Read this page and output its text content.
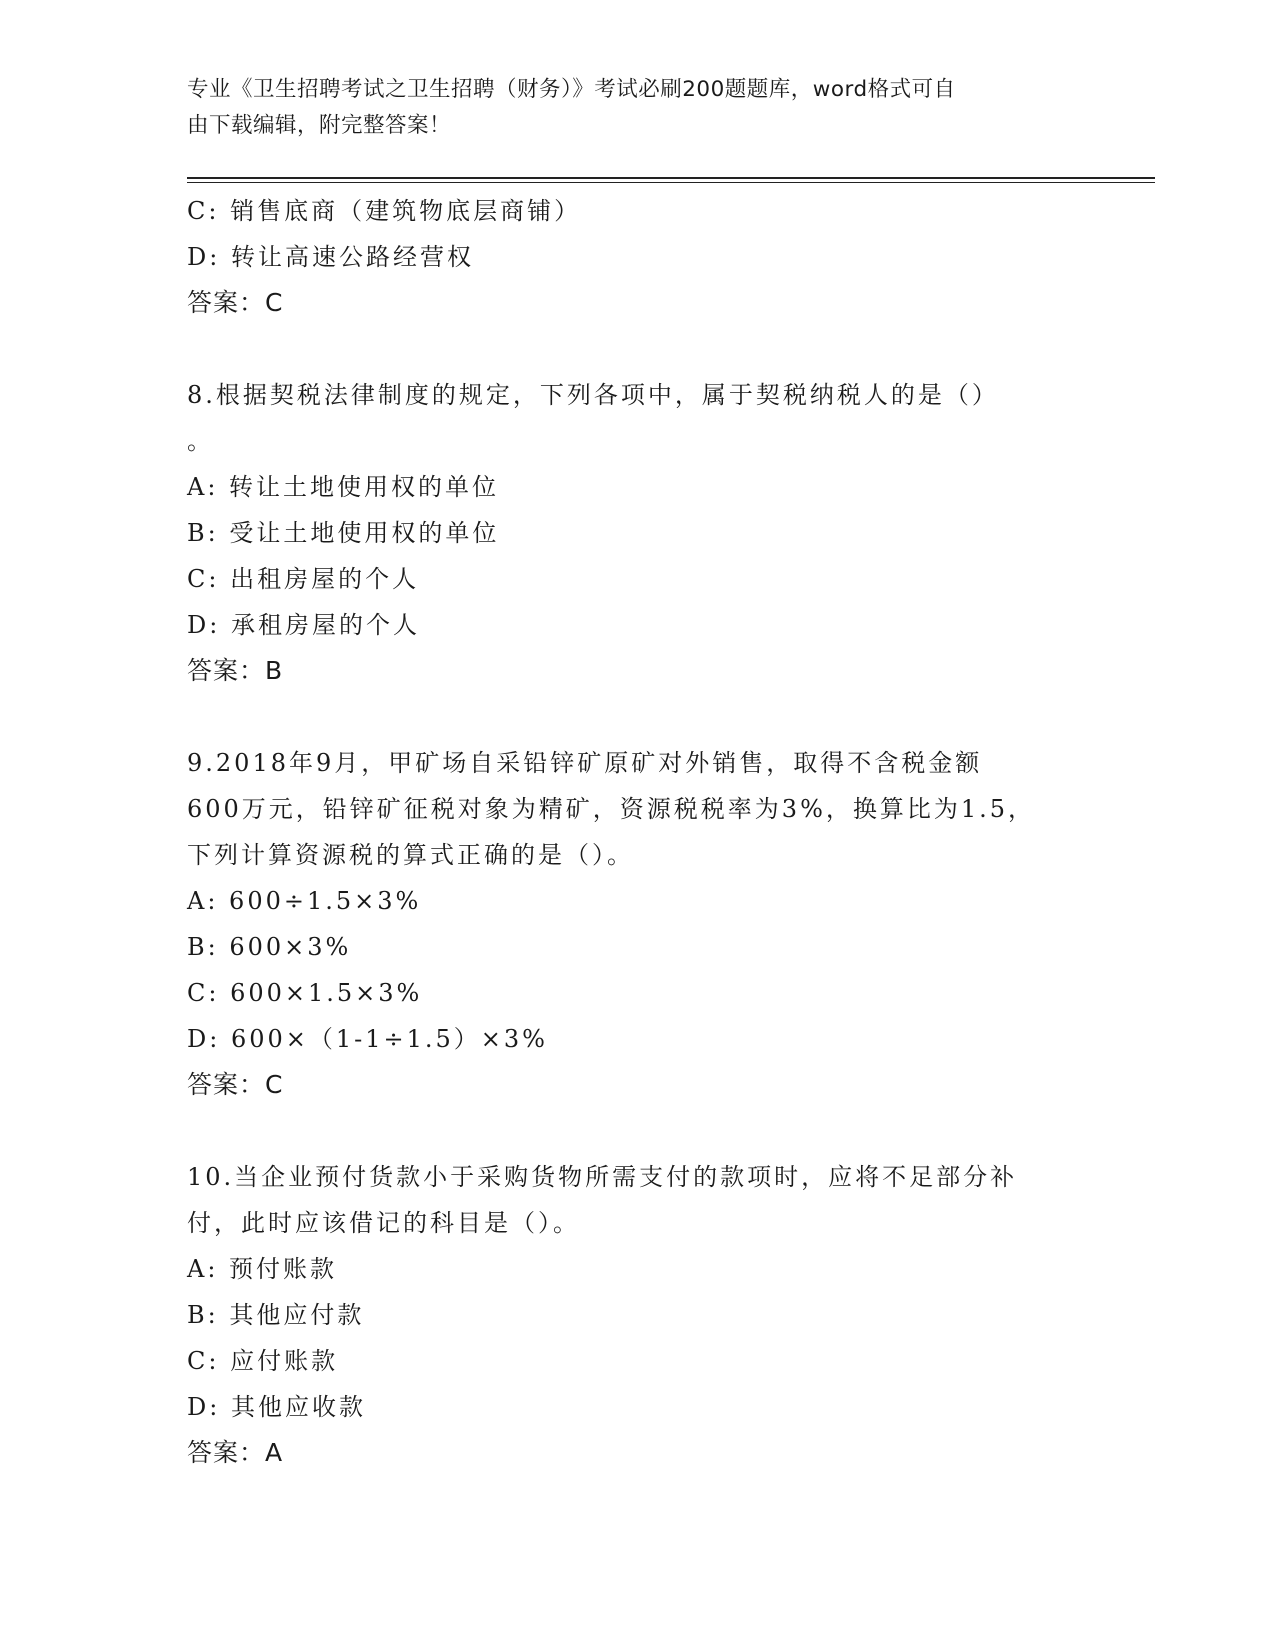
专业《卫生招聘考试之卫生招聘（财务）》考试必刷200题题库，word格式可自
由下载编辑，附完整答案！
C: 销售底商（建筑物底层商铺）
D: 转让高速公路经营权
答案：C
8.根据契税法律制度的规定，下列各项中，属于契税纳税人的是（）
。
A: 转让土地使用权的单位
B: 受让土地使用权的单位
C: 出租房屋的个人
D: 承租房屋的个人
答案：B
9.2018年9月，甲矿场自采铅锌矿原矿对外销售，取得不含税金额
600万元，铅锌矿征税对象为精矿，资源税税率为3%，换算比为1.5，
下列计算资源税的算式正确的是（）。
A: 600÷1.5×3%
B: 600×3%
C: 600×1.5×3%
D: 600×（1-1÷1.5）×3%
答案：C
10.当企业预付货款小于采购货物所需支付的款项时，应将不足部分补
付，此时应该借记的科目是（）。
A: 预付账款
B: 其他应付款
C: 应付账款
D: 其他应收款
答案：A
